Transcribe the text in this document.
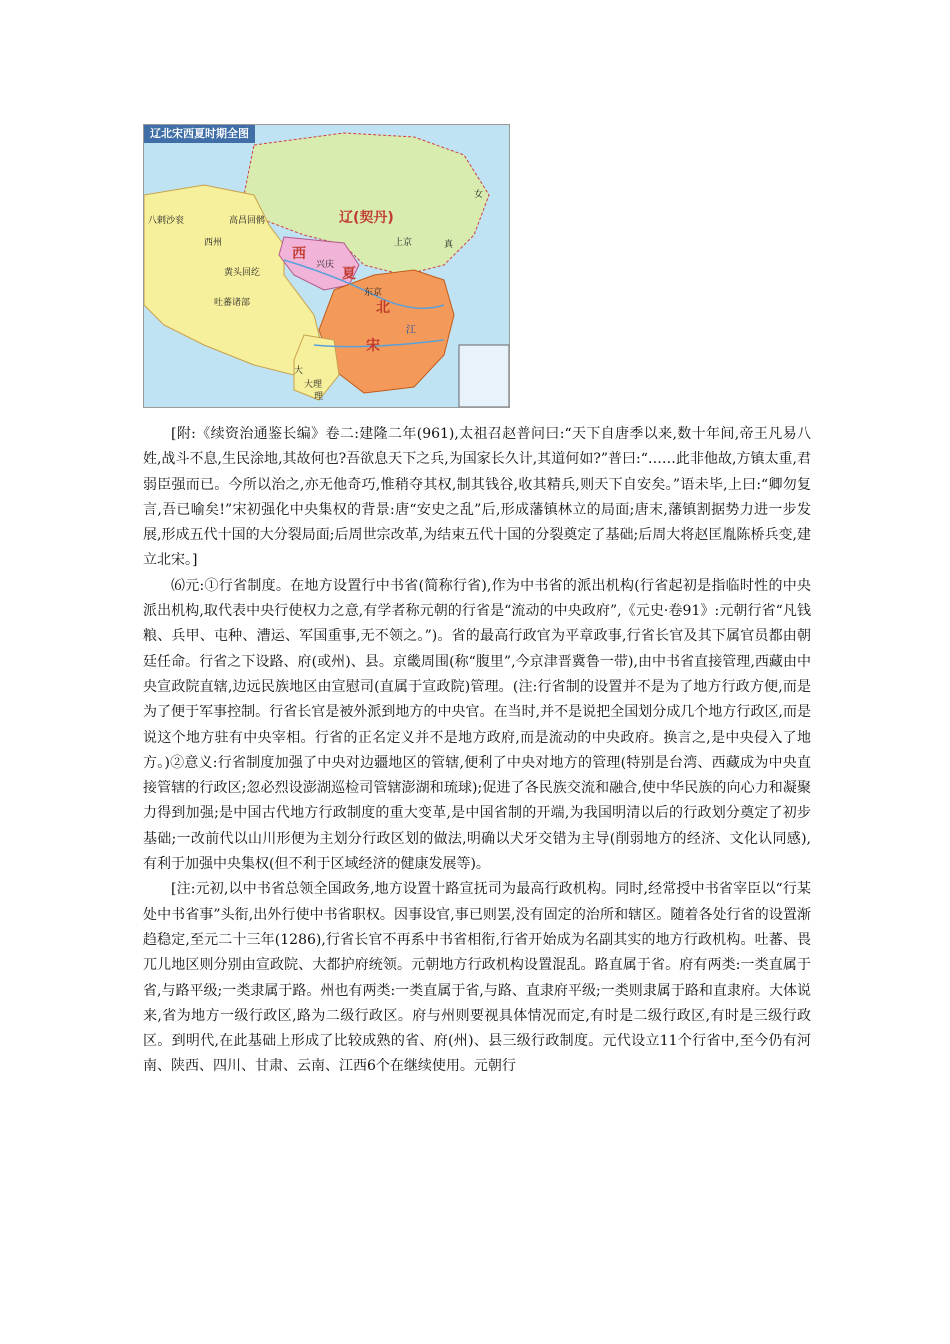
辽北宋西夏时期全图
辽(契丹)
西
夏
北
宋
上京	真
女
兴庆
东京
黄头回纥
吐蕃诸部
高昌回鹘
西州
八剌沙衮
大
大理
理
江

[附:《续资治通鉴长编》卷二:建隆二年(961),太祖召赵普问曰:“天下自唐季以来,数十年间,帝王凡易八姓,战斗不息,生民涂地,其故何也?吾欲息天下之兵,为国家长久计,其道何如?”普曰:“……此非他故,方镇太重,君弱臣强而已。今所以治之,亦无他奇巧,惟稍夺其权,制其钱谷,收其精兵,则天下自安矣。”语未毕,上曰:“卿勿复言,吾已喻矣!”宋初强化中央集权的背景:唐“安史之乱”后,形成藩镇林立的局面;唐末,藩镇割据势力进一步发展,形成五代十国的大分裂局面;后周世宗改革,为结束五代十国的分裂奠定了基础;后周大将赵匡胤陈桥兵变,建立北宋。]

⑹元:①行省制度。在地方设置行中书省(简称行省),作为中书省的派出机构(行省起初是指临时性的中央派出机构,取代表中央行使权力之意,有学者称元朝的行省是“流动的中央政府”,《元史·卷91》:元朝行省“凡钱粮、兵甲、屯种、漕运、军国重事,无不领之。”)。省的最高行政官为平章政事,行省长官及其下属官员都由朝廷任命。行省之下设路、府(或州)、县。京畿周围(称“腹里”,今京津晋冀鲁一带),由中书省直接管理,西藏由中央宣政院直辖,边远民族地区由宣慰司(直属于宣政院)管理。(注:行省制的设置并不是为了地方行政方便,而是为了便于军事控制。行省长官是被外派到地方的中央官。在当时,并不是说把全国划分成几个地方行政区,而是说这个地方驻有中央宰相。行省的正名定义并不是地方政府,而是流动的中央政府。换言之,是中央侵入了地方。)②意义:行省制度加强了中央对边疆地区的管辖,便利了中央对地方的管理(特别是台湾、西藏成为中央直接管辖的行政区;忽必烈设澎湖巡检司管辖澎湖和琉球);促进了各民族交流和融合,使中华民族的向心力和凝聚力得到加强;是中国古代地方行政制度的重大变革,是中国省制的开端,为我国明清以后的行政划分奠定了初步基础;一改前代以山川形便为主划分行政区划的做法,明确以犬牙交错为主导(削弱地方的经济、文化认同感),有利于加强中央集权(但不利于区域经济的健康发展等)。

[注:元初,以中书省总领全国政务,地方设置十路宣抚司为最高行政机构。同时,经常授中书省宰臣以“行某处中书省事”头衔,出外行使中书省职权。因事设官,事已则罢,没有固定的治所和辖区。随着各处行省的设置渐趋稳定,至元二十三年(1286),行省长官不再系中书省相衔,行省开始成为名副其实的地方行政机构。吐蕃、畏兀儿地区则分别由宣政院、大都护府统领。元朝地方行政机构设置混乱。路直属于省。府有两类:一类直属于省,与路平级;一类隶属于路。州也有两类:一类直属于省,与路、直隶府平级;一类则隶属于路和直隶府。大体说来,省为地方一级行政区,路为二级行政区。府与州则要视具体情况而定,有时是二级行政区,有时是三级行政区。到明代,在此基础上形成了比较成熟的省、府(州)、县三级行政制度。元代设立11个行省中,至今仍有河南、陕西、四川、甘肃、云南、江西6个在继续使用。元朝行
